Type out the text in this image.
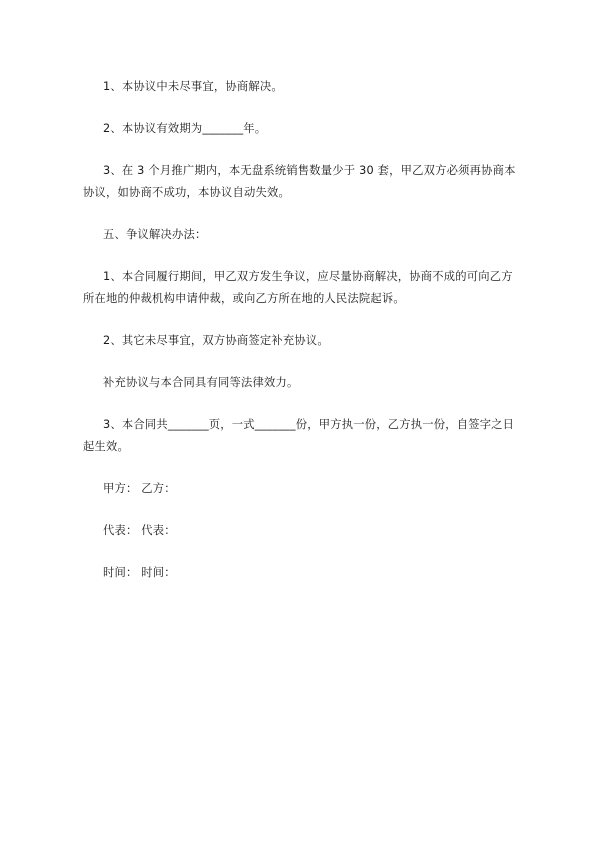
1、本协议中未尽事宜，协商解决。

2、本协议有效期为_______年。

3、在 3 个月推广期内，本无盘系统销售数量少于 30 套，甲乙双方必须再协商本协议，如协商不成功，本协议自动失效。

五、争议解决办法：

1、本合同履行期间，甲乙双方发生争议，应尽量协商解决，协商不成的可向乙方所在地的仲裁机构申请仲裁，或向乙方所在地的人民法院起诉。

2、其它未尽事宜，双方协商签定补充协议。

补充协议与本合同具有同等法律效力。

3、本合同共_______页，一式_______份，甲方执一份，乙方执一份，自签字之日起生效。

甲方： 乙方：

代表： 代表：

时间： 时间：
